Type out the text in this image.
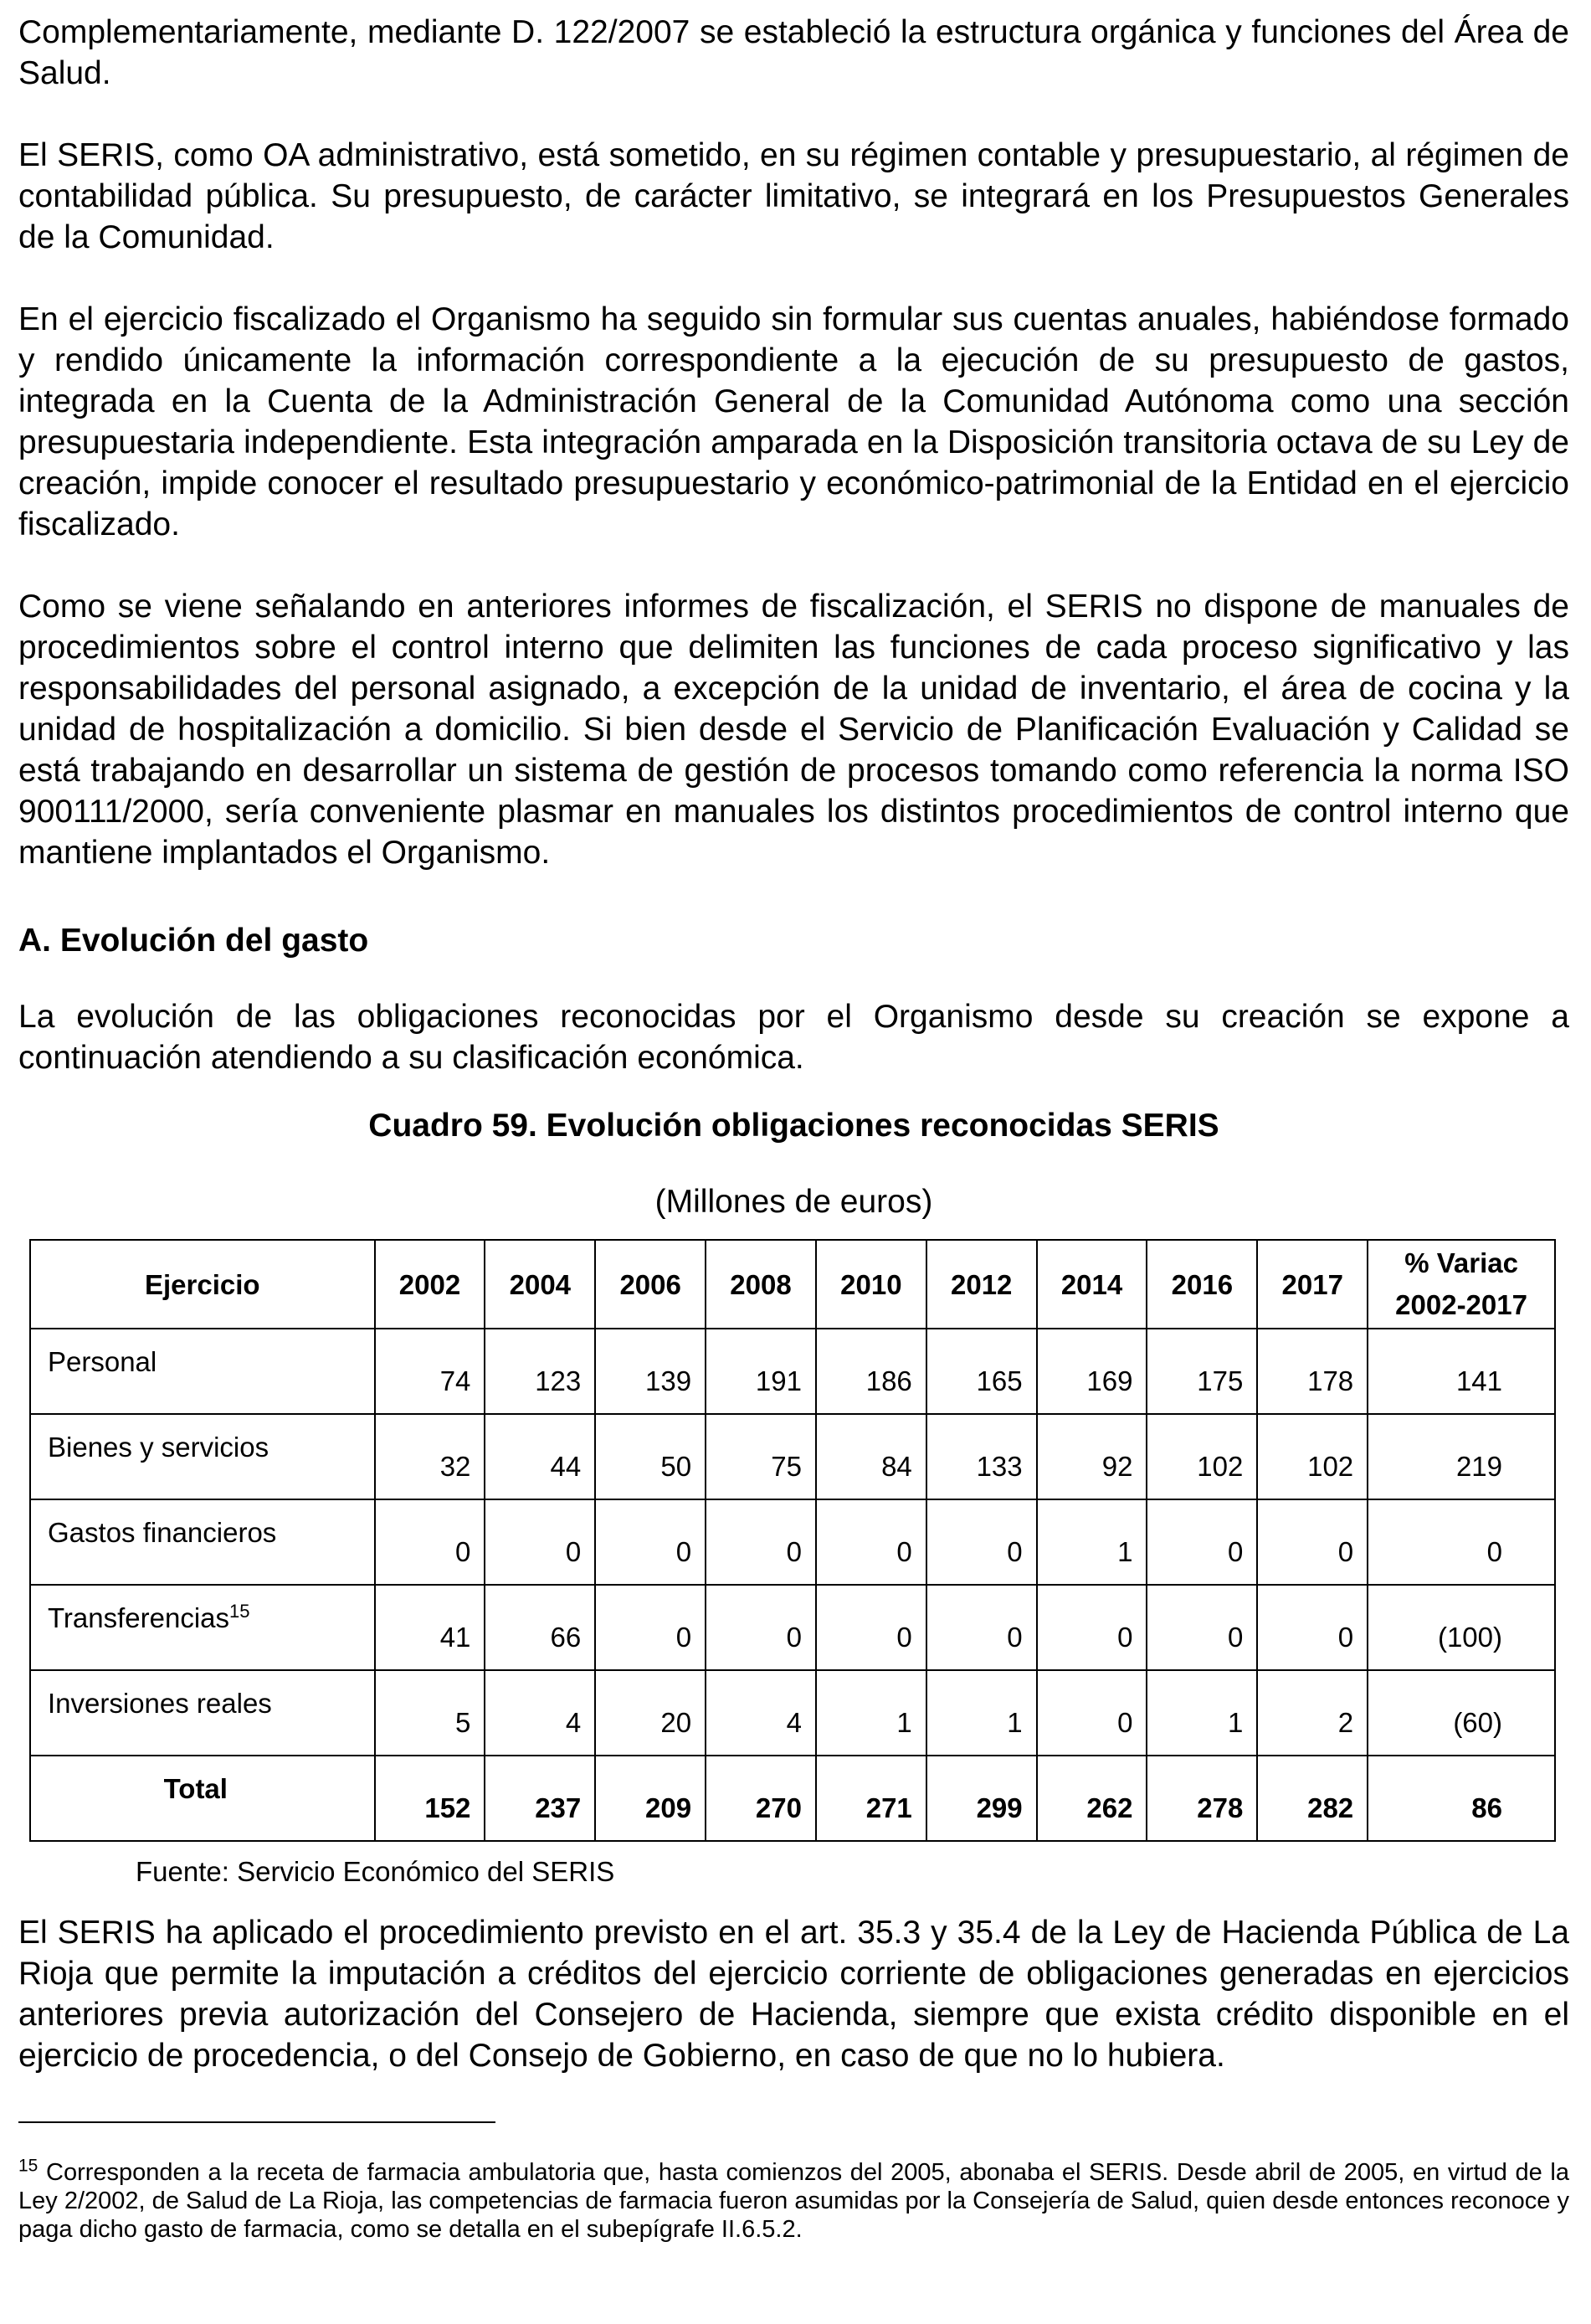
Complementariamente, mediante D. 122/2007 se estableció la estructura orgánica y funciones del Área de Salud.

El SERIS, como OA administrativo, está sometido, en su régimen contable y presupuestario, al régimen de contabilidad pública. Su presupuesto, de carácter limitativo, se integrará en los Presupuestos Generales de la Comunidad.

En el ejercicio fiscalizado el Organismo ha seguido sin formular sus cuentas anuales, habiéndose formado y rendido únicamente la información correspondiente a la ejecución de su presupuesto de gastos, integrada en la Cuenta de la Administración General de la Comunidad Autónoma como una sección presupuestaria independiente. Esta integración amparada en la Disposición transitoria octava de su Ley de creación, impide conocer el resultado presupuestario y económico-patrimonial de la Entidad en el ejercicio fiscalizado.

Como se viene señalando en anteriores informes de fiscalización, el SERIS no dispone de manuales de procedimientos sobre el control interno que delimiten las funciones de cada proceso significativo y las responsabilidades del personal asignado, a excepción de la unidad de inventario, el área de cocina y la unidad de hospitalización a domicilio. Si bien desde el Servicio de Planificación Evaluación y Calidad se está trabajando en desarrollar un sistema de gestión de procesos tomando como referencia la norma ISO 900111/2000, sería conveniente plasmar en manuales los distintos procedimientos de control interno que mantiene implantados el Organismo.

A. Evolución del gasto

La evolución de las obligaciones reconocidas por el Organismo desde su creación se expone a continuación atendiendo a su clasificación económica.

Cuadro 59. Evolución obligaciones reconocidas SERIS

(Millones de euros)

Ejercicio	2002	2004	2006	2008	2010	2012	2014	2016	2017	% Variac
2002-2017
Personal	74	123	139	191	186	165	169	175	178	141
Bienes y servicios	32	44	50	75	84	133	92	102	102	219
Gastos financieros	0	0	0	0	0	0	1	0	0	0
Transferencias$^{15}$	41	66	0	0	0	0	0	0	0	(100)
Inversiones reales	5	4	20	4	1	1	0	1	2	(60)
Total	152	237	209	270	271	299	262	278	282	86

Fuente: Servicio Económico del SERIS

El SERIS ha aplicado el procedimiento previsto en el art. 35.3 y 35.4 de la Ley de Hacienda Pública de La Rioja que permite la imputación a créditos del ejercicio corriente de obligaciones generadas en ejercicios anteriores previa autorización del Consejero de Hacienda, siempre que exista crédito disponible en el ejercicio de procedencia, o del Consejo de Gobierno, en caso de que no lo hubiera.

$^{15}$ Corresponden a la receta de farmacia ambulatoria que, hasta comienzos del 2005, abonaba el SERIS. Desde abril de 2005, en virtud de la Ley 2/2002, de Salud de La Rioja, las competencias de farmacia fueron asumidas por la Consejería de Salud, quien desde entonces reconoce y paga dicho gasto de farmacia, como se detalla en el subepígrafe II.6.5.2.
